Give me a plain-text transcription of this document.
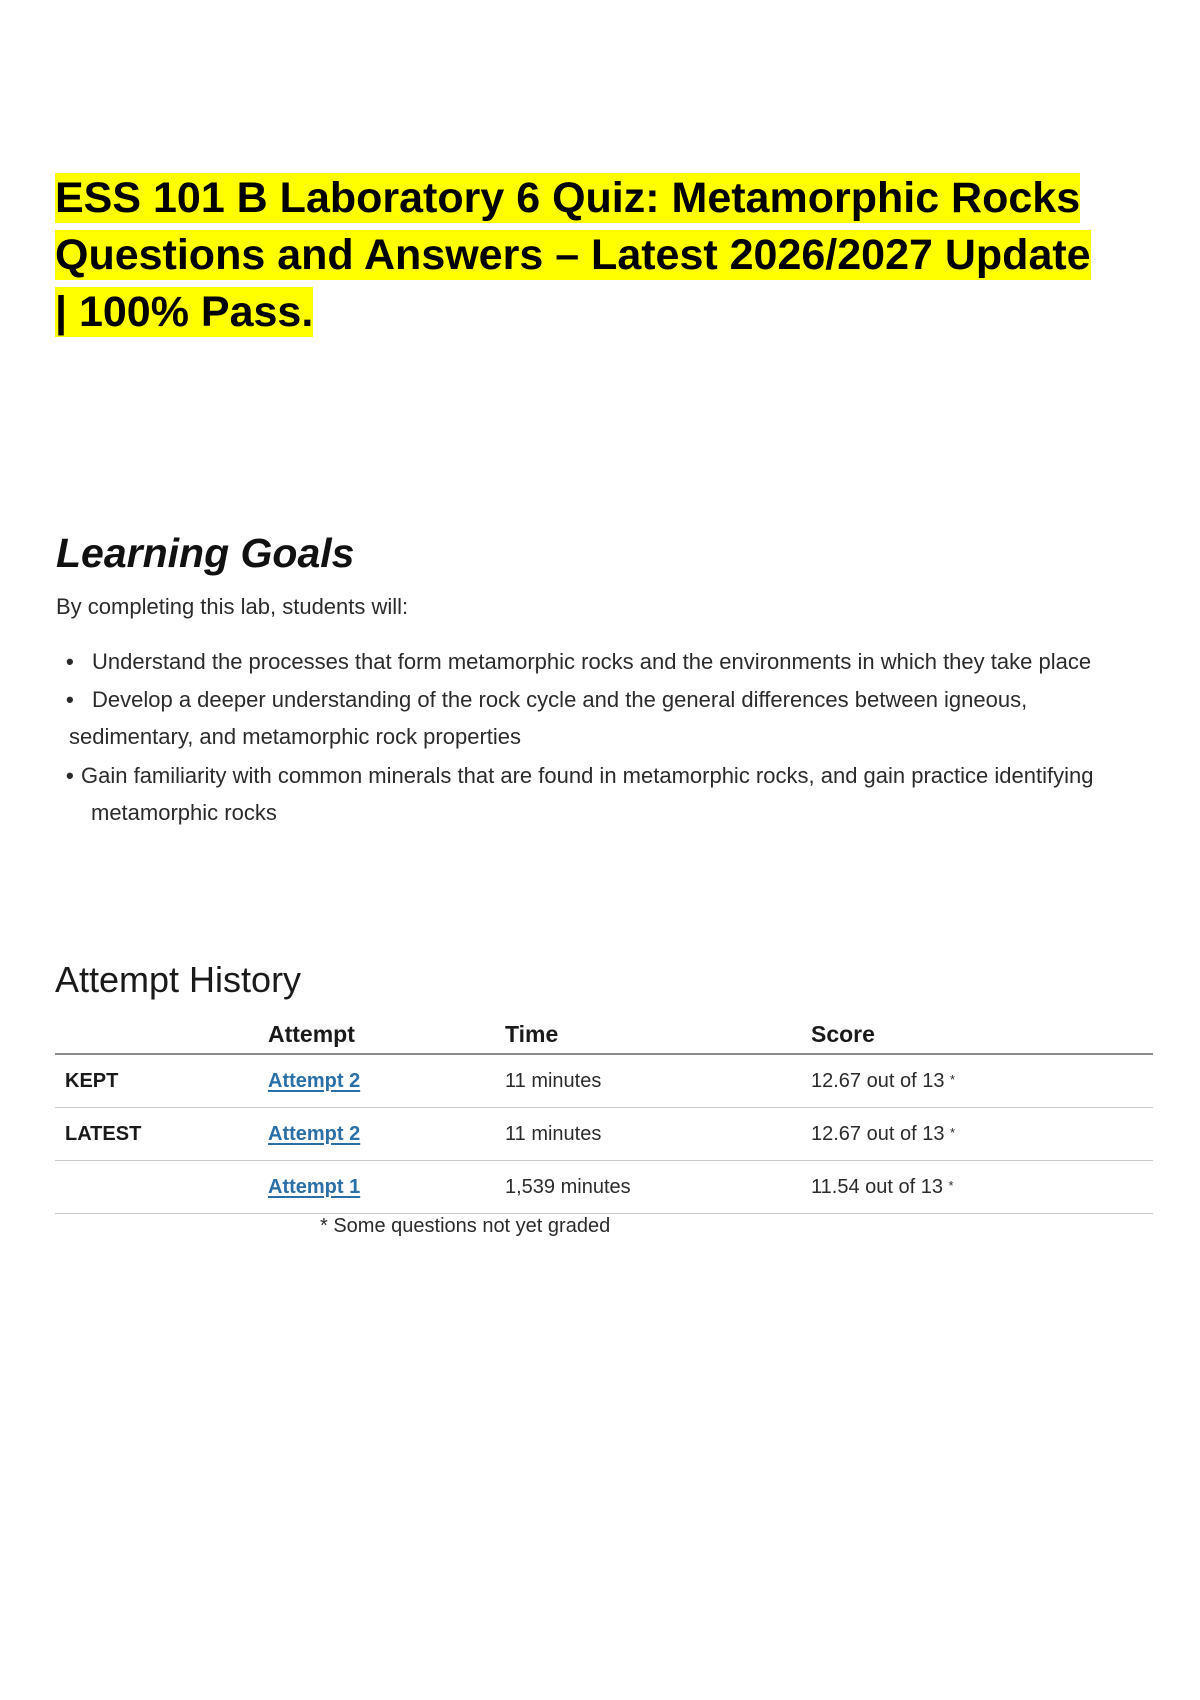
ESS 101 B Laboratory 6 Quiz: Metamorphic Rocks Questions and Answers – Latest 2026/2027 Update | 100% Pass.
Learning Goals

By completing this lab, students will:

• Understand the processes that form metamorphic rocks and the environments in which they take place
• Develop a deeper understanding of the rock cycle and the general differences between igneous,
sedimentary, and metamorphic rock properties
• Gain familiarity with common minerals that are found in metamorphic rocks, and gain practice identifying
metamorphic rocks
Attempt History
	Attempt	Time	Score
KEPT	Attempt 2	11 minutes	12.67 out of 13 *
LATEST	Attempt 2	11 minutes	12.67 out of 13 *
	Attempt 1	1,539 minutes	11.54 out of 13 *

* Some questions not yet graded
